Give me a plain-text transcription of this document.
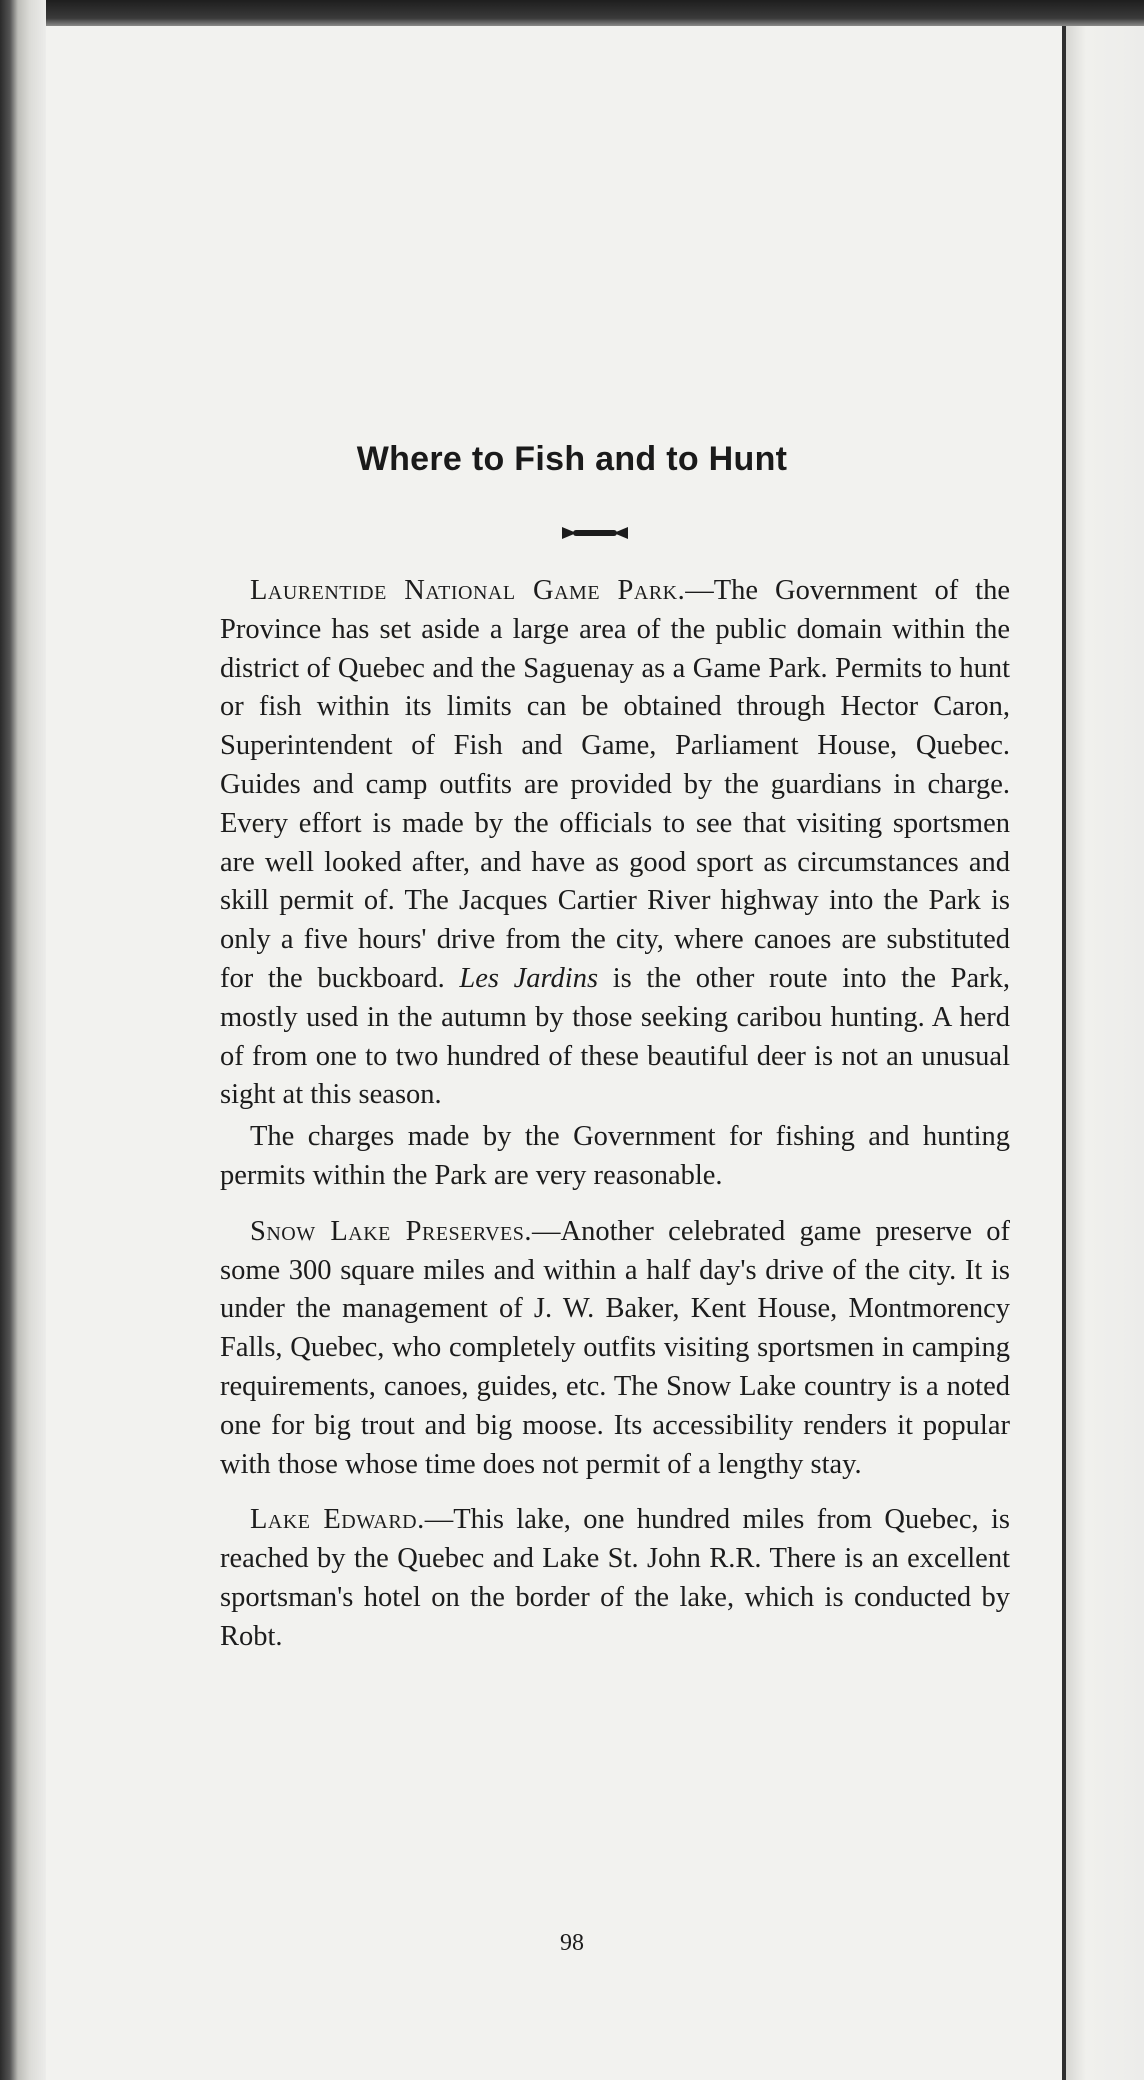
Where to Fish and to Hunt

Laurentide National Game Park.—The Government of the Province has set aside a large area of the public domain within the district of Quebec and the Saguenay as a Game Park. Permits to hunt or fish within its limits can be obtained through Hector Caron, Superintendent of Fish and Game, Parliament House, Quebec. Guides and camp outfits are provided by the guardians in charge. Every effort is made by the officials to see that visiting sportsmen are well looked after, and have as good sport as circumstances and skill permit of. The Jacques Cartier River highway into the Park is only a five hours' drive from the city, where canoes are substituted for the buckboard. Les Jardins is the other route into the Park, mostly used in the autumn by those seeking caribou hunting. A herd of from one to two hundred of these beautiful deer is not an unusual sight at this season.

The charges made by the Government for fishing and hunting permits within the Park are very reasonable.

Snow Lake Preserves.—Another celebrated game preserve of some 300 square miles and within a half day's drive of the city. It is under the management of J. W. Baker, Kent House, Montmorency Falls, Quebec, who completely outfits visiting sportsmen in camping requirements, canoes, guides, etc. The Snow Lake country is a noted one for big trout and big moose. Its accessibility renders it popular with those whose time does not permit of a lengthy stay.

Lake Edward.—This lake, one hundred miles from Quebec, is reached by the Quebec and Lake St. John R.R. There is an excellent sportsman's hotel on the border of the lake, which is conducted by Robt.

98
